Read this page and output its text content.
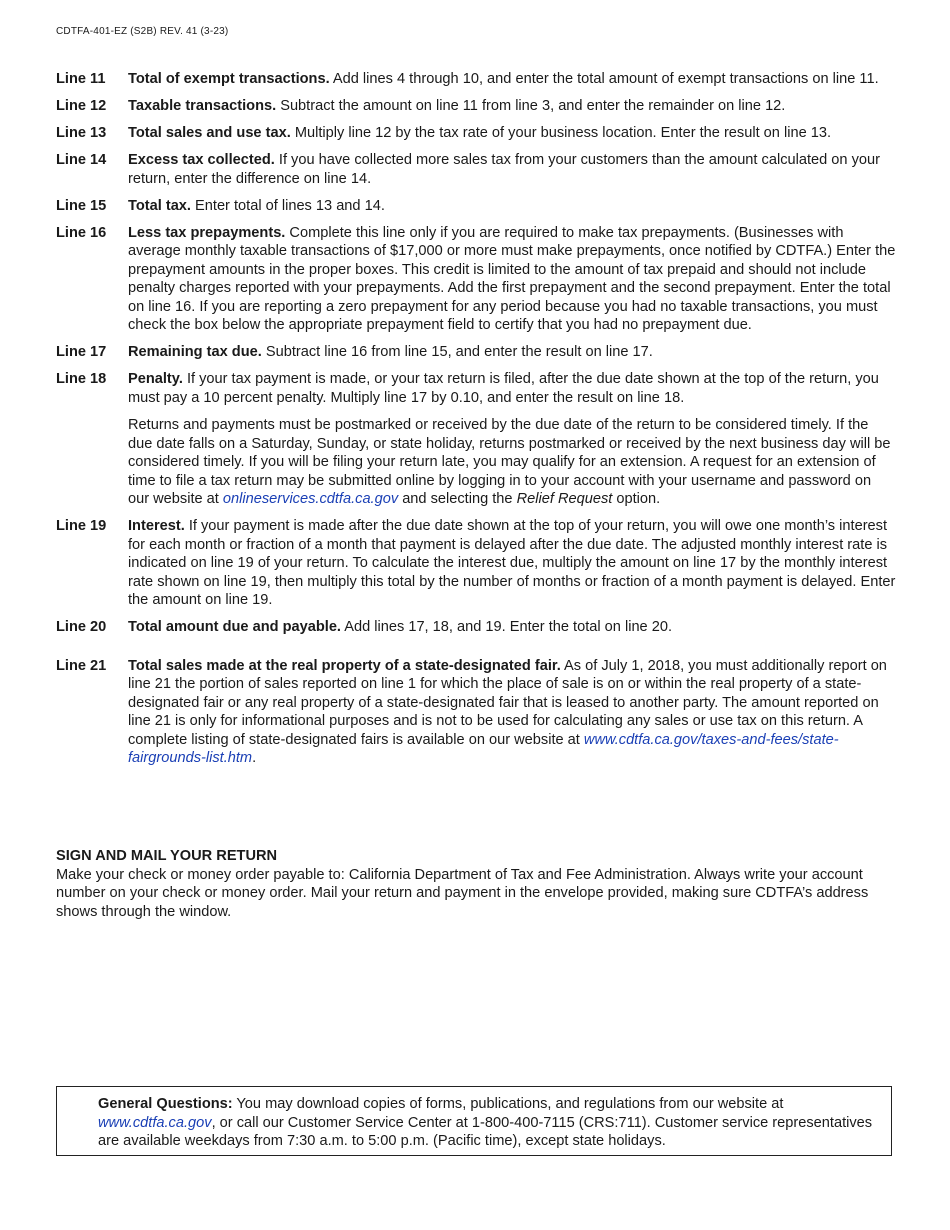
CDTFA-401-EZ (S2B) REV. 41 (3-23)
Line 11	Total of exempt transactions. Add lines 4 through 10, and enter the total amount of exempt transactions on line 11.
Line 12	Taxable transactions. Subtract the amount on line 11 from line 3, and enter the remainder on line 12.
Line 13	Total sales and use tax. Multiply line 12 by the tax rate of your business location. Enter the result on line 13.
Line 14	Excess tax collected. If you have collected more sales tax from your customers than the amount calculated on your return, enter the difference on line 14.
Line 15	Total tax. Enter total of lines 13 and 14.
Line 16	Less tax prepayments. Complete this line only if you are required to make tax prepayments. (Businesses with average monthly taxable transactions of $17,000 or more must make prepayments, once notified by CDTFA.) Enter the prepayment amounts in the proper boxes. This credit is limited to the amount of tax prepaid and should not include penalty charges reported with your prepayments. Add the first prepayment and the second prepayment. Enter the total on line 16. If you are reporting a zero prepayment for any period because you had no taxable transactions, you must check the box below the appropriate prepayment field to certify that you had no prepayment due.
Line 17	Remaining tax due. Subtract line 16 from line 15, and enter the result on line 17.
Line 18	Penalty. If your tax payment is made, or your tax return is filed, after the due date shown at the top of the return, you must pay a 10 percent penalty. Multiply line 17 by 0.10, and enter the result on line 18.

Returns and payments must be postmarked or received by the due date of the return to be considered timely. If the due date falls on a Saturday, Sunday, or state holiday, returns postmarked or received by the next business day will be considered timely. If you will be filing your return late, you may qualify for an extension. A request for an extension of time to file a tax return may be submitted online by logging in to your account with your username and password on our website at onlineservices.cdtfa.ca.gov and selecting the Relief Request option.

Line 19	Interest. If your payment is made after the due date shown at the top of your return, you will owe one month’s interest for each month or fraction of a month that payment is delayed after the due date. The adjusted monthly interest rate is indicated on line 19 of your return. To calculate the interest due, multiply the amount on line 17 by the monthly interest rate shown on line 19, then multiply this total by the number of months or fraction of a month payment is delayed. Enter the amount on line 19.
Line 20	Total amount due and payable. Add lines 17, 18, and 19. Enter the total on line 20.
Line 21	Total sales made at the real property of a state-designated fair. As of July 1, 2018, you must additionally report on line 21 the portion of sales reported on line 1 for which the place of sale is on or within the real property of a state-designated fair or any real property of a state-designated fair that is leased to another party. The amount reported on line 21 is only for informational purposes and is not to be used for calculating any sales or use tax on this return. A complete listing of state-designated fairs is available on our website at www.cdtfa.ca.gov/taxes-and-fees/state-fairgrounds-list.htm.
SIGN AND MAIL YOUR RETURN
Make your check or money order payable to: California Department of Tax and Fee Administration. Always write your account number on your check or money order. Mail your return and payment in the envelope provided, making sure CDTFA’s address shows through the window.
General Questions: You may download copies of forms, publications, and regulations from our website at www.cdtfa.ca.gov, or call our Customer Service Center at 1-800-400-7115 (CRS:711). Customer service representatives are available weekdays from 7:30 a.m. to 5:00 p.m. (Pacific time), except state holidays.
